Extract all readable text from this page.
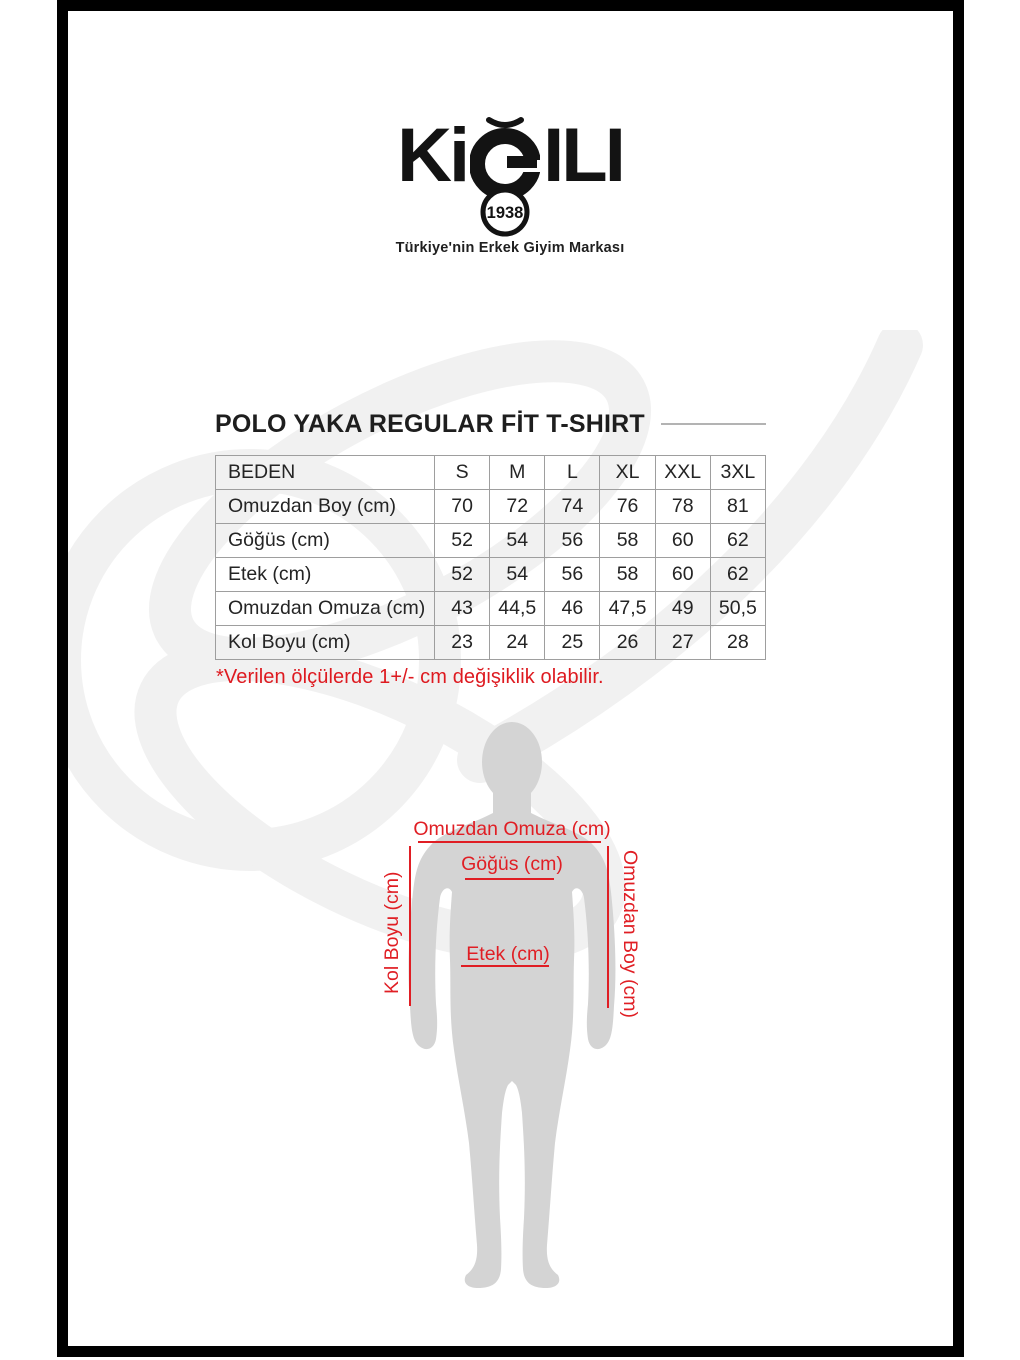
Ki
1938
ILI
Türkiye'nin Erkek Giyim Markası
POLO YAKA REGULAR FİT T-SHIRT
BEDEN	S	M	L	XL	XXL	3XL
Omuzdan Boy (cm)	70	72	74	76	78	81
Göğüs (cm)	52	54	56	58	60	62
Etek (cm)	52	54	56	58	60	62
Omuzdan Omuza (cm)	43	44,5	46	47,5	49	50,5
Kol Boyu (cm)	23	24	25	26	27	28
*Verilen ölçülerde 1+/- cm değişiklik olabilir.
Omuzdan Omuza (cm)
Göğüs (cm)
Etek (cm)
Kol Boyu (cm)	Omuzdan Boy (cm)
